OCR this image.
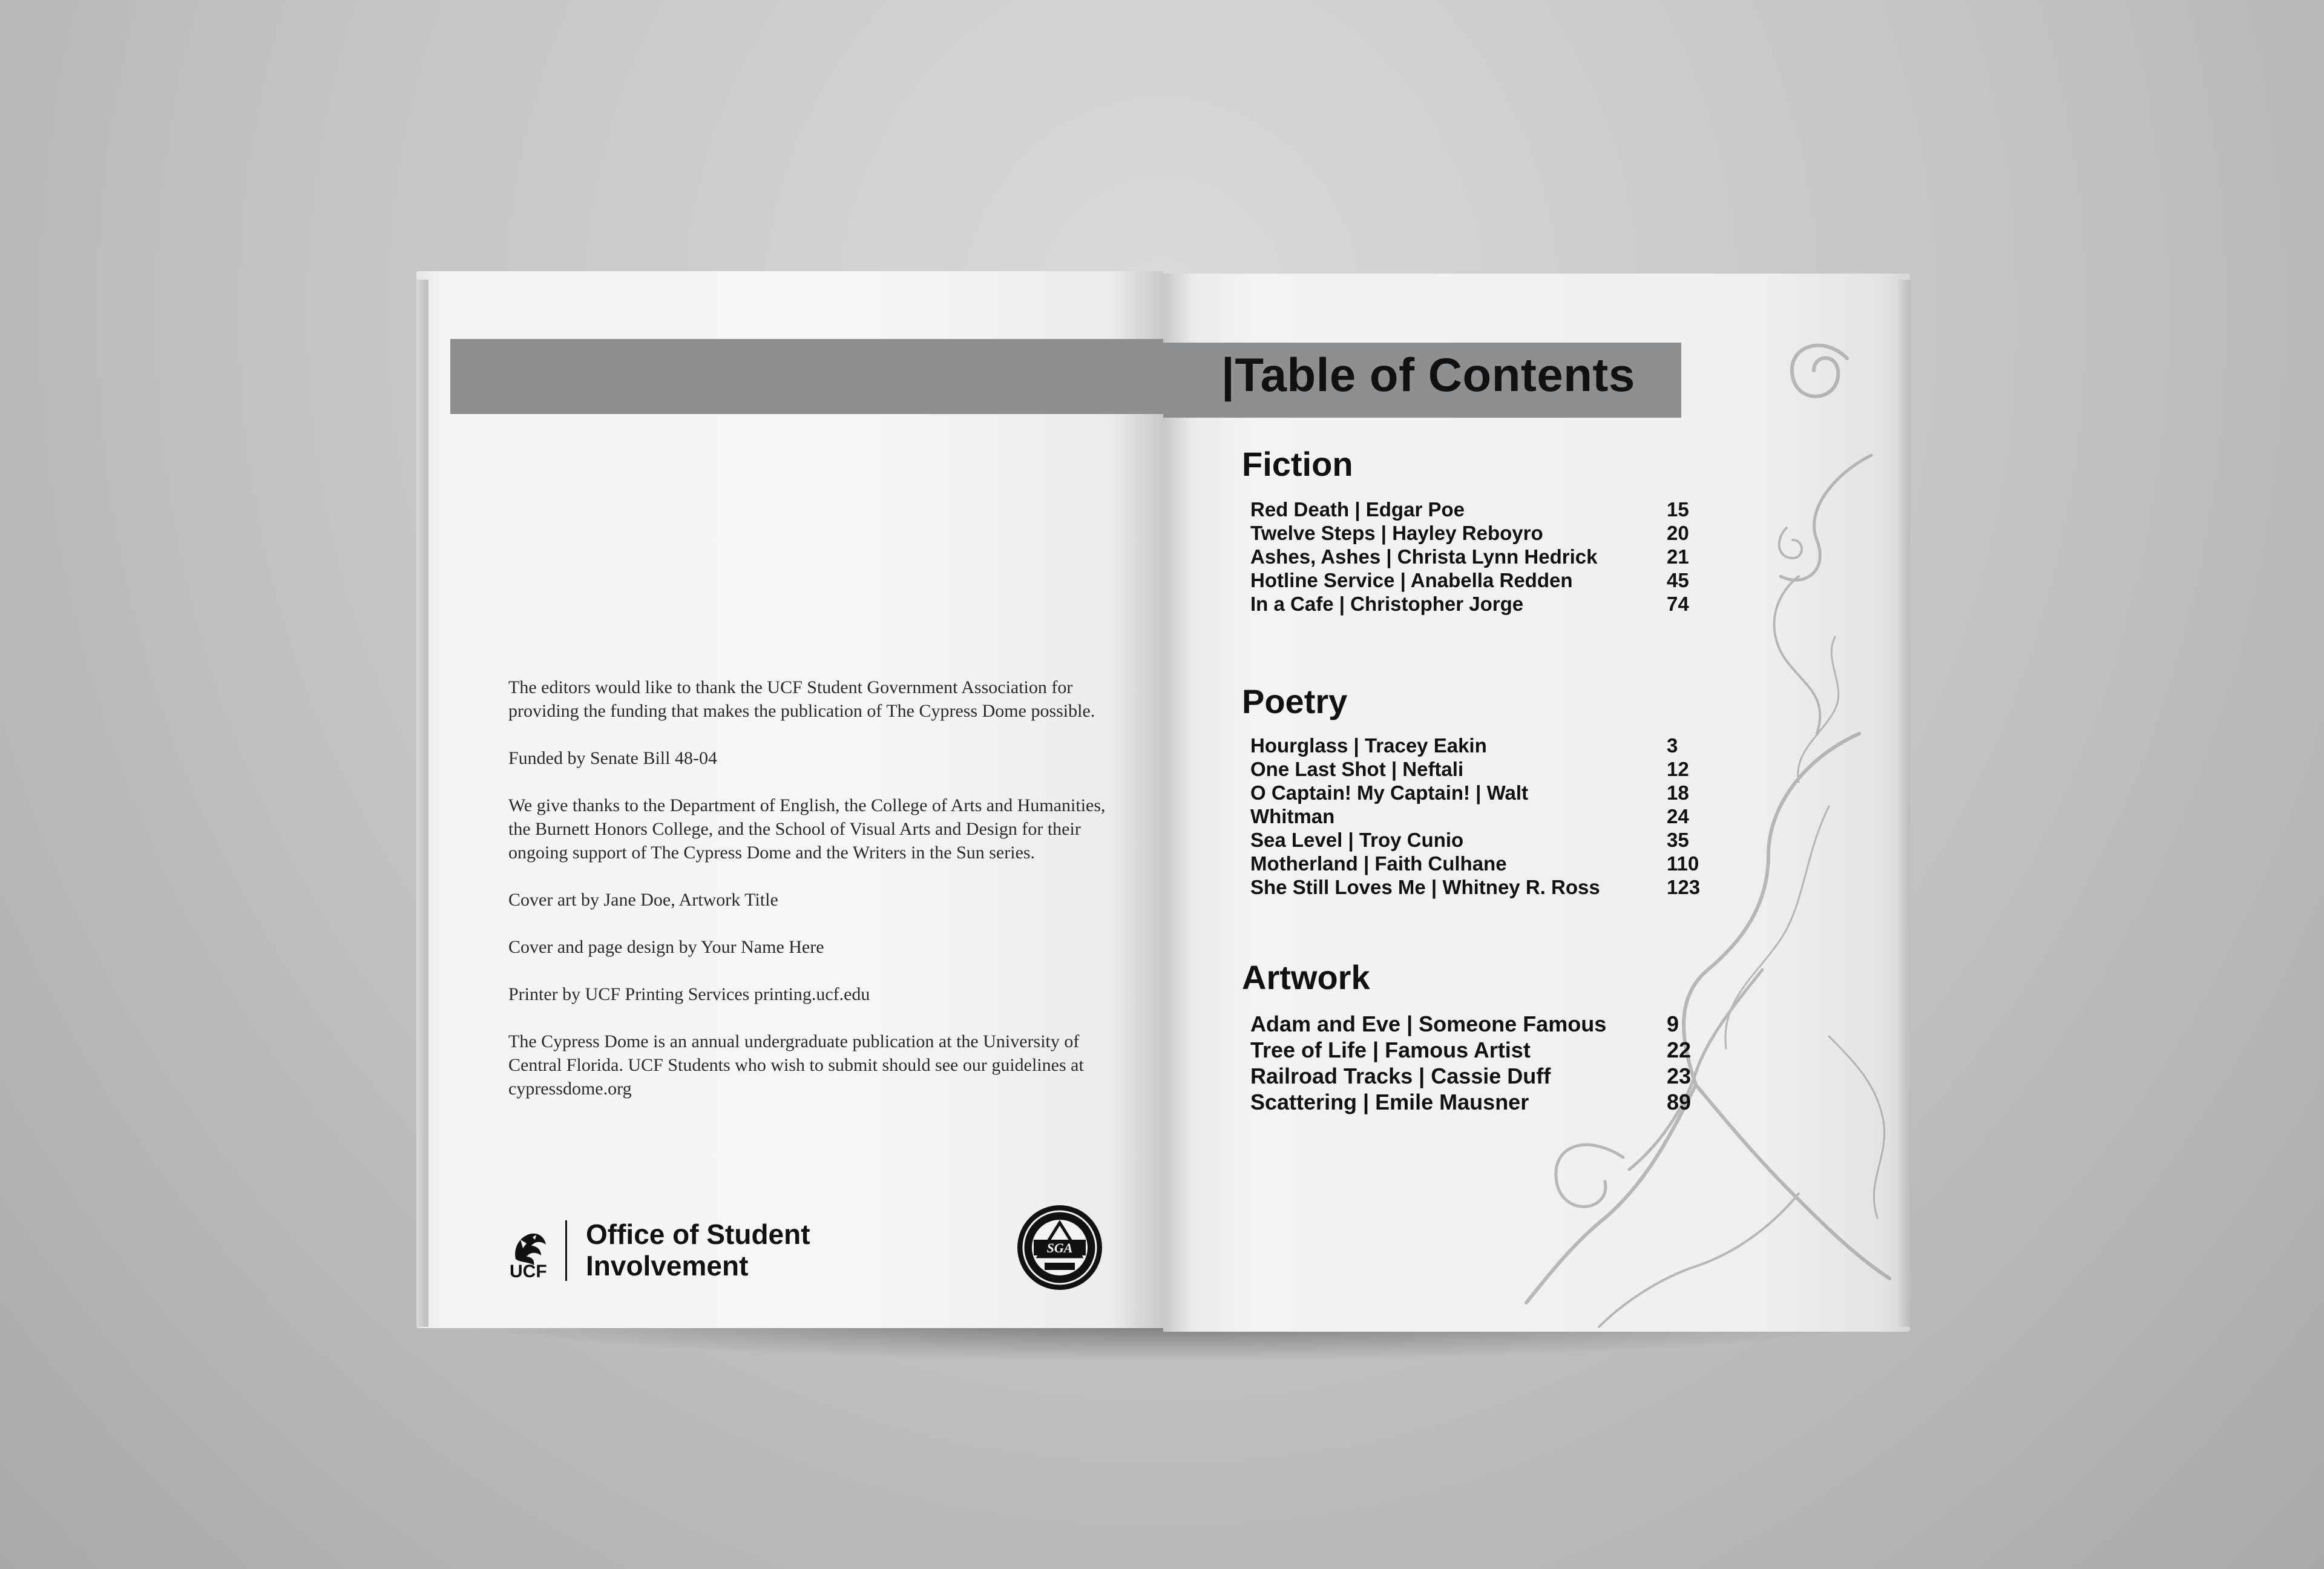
The editors would like to thank the UCF Student Government Association for providing the funding that makes the publication of The Cypress Dome possible.

Funded by Senate Bill 48-04

We give thanks to the Department of English, the College of Arts and Humanities, the Burnett Honors College, and the School of Visual Arts and Design for their ongoing support of The Cypress Dome and the Writers in the Sun series.

Cover art by Jane Doe, Artwork Title

Cover and page design by Your Name Here

Printer by UCF Printing Services printing.ucf.edu

The Cypress Dome is an annual undergraduate publication at the University of Central Florida. UCF Students who wish to submit should see our guidelines at cypressdome.org

UCF
Office of Student
Involvement
SGA
|Table of Contents
Fiction
Red Death | Edgar Poe	15
Twelve Steps | Hayley Reboyro	20
Ashes, Ashes | Christa Lynn Hedrick	21
Hotline Service | Anabella Redden	45
In a Cafe | Christopher Jorge	74
Poetry
Hourglass | Tracey Eakin	3
One Last Shot | Neftali	12
O Captain! My Captain! | Walt	18
Whitman	24
Sea Level | Troy Cunio	35
Motherland | Faith Culhane	110
She Still Loves Me | Whitney R. Ross	123
Artwork
Adam and Eve | Someone Famous	9
Tree of Life | Famous Artist	22
Railroad Tracks | Cassie Duff	23
Scattering | Emile Mausner	89
